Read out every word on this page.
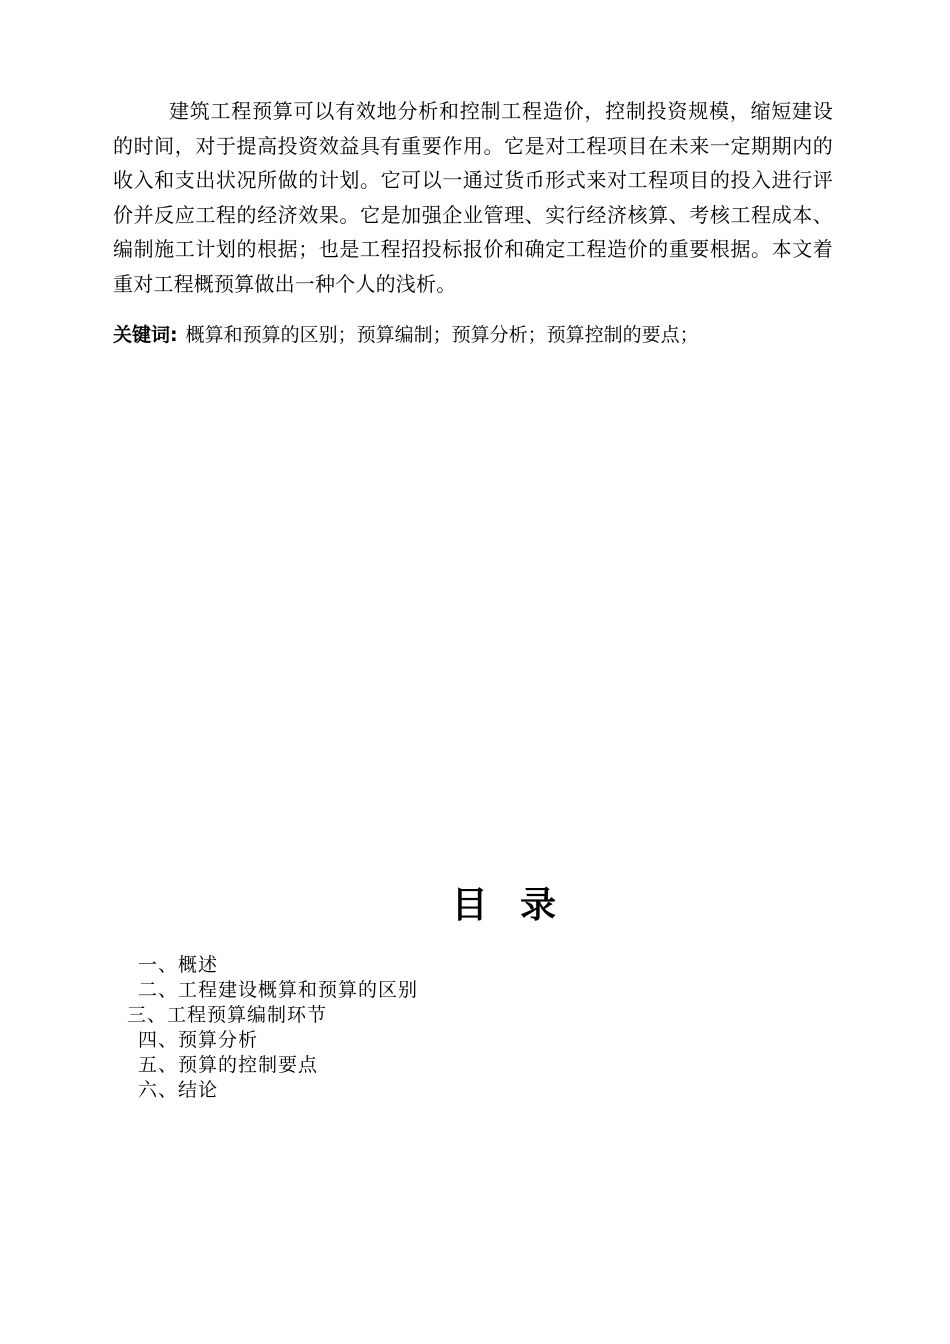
建筑工程预算可以有效地分析和控制工程造价，控制投资规模，缩短建设的时间，对于提高投资效益具有重要作用。它是对工程项目在未来一定期期内的收入和支出状况所做的计划。它可以一通过货币形式来对工程项目的投入进行评价并反应工程的经济效果。它是加强企业管理、实行经济核算、考核工程成本、编制施工计划的根据；也是工程招投标报价和确定工程造价的重要根据。本文着重对工程概预算做出一种个人的浅析。

关键词: 概算和预算的区别；预算编制；预算分析；预算控制的要点；

目录
一、概述
二、工程建设概算和预算的区别
三、工程预算编制环节
四、预算分析
五、预算的控制要点
六、结论
